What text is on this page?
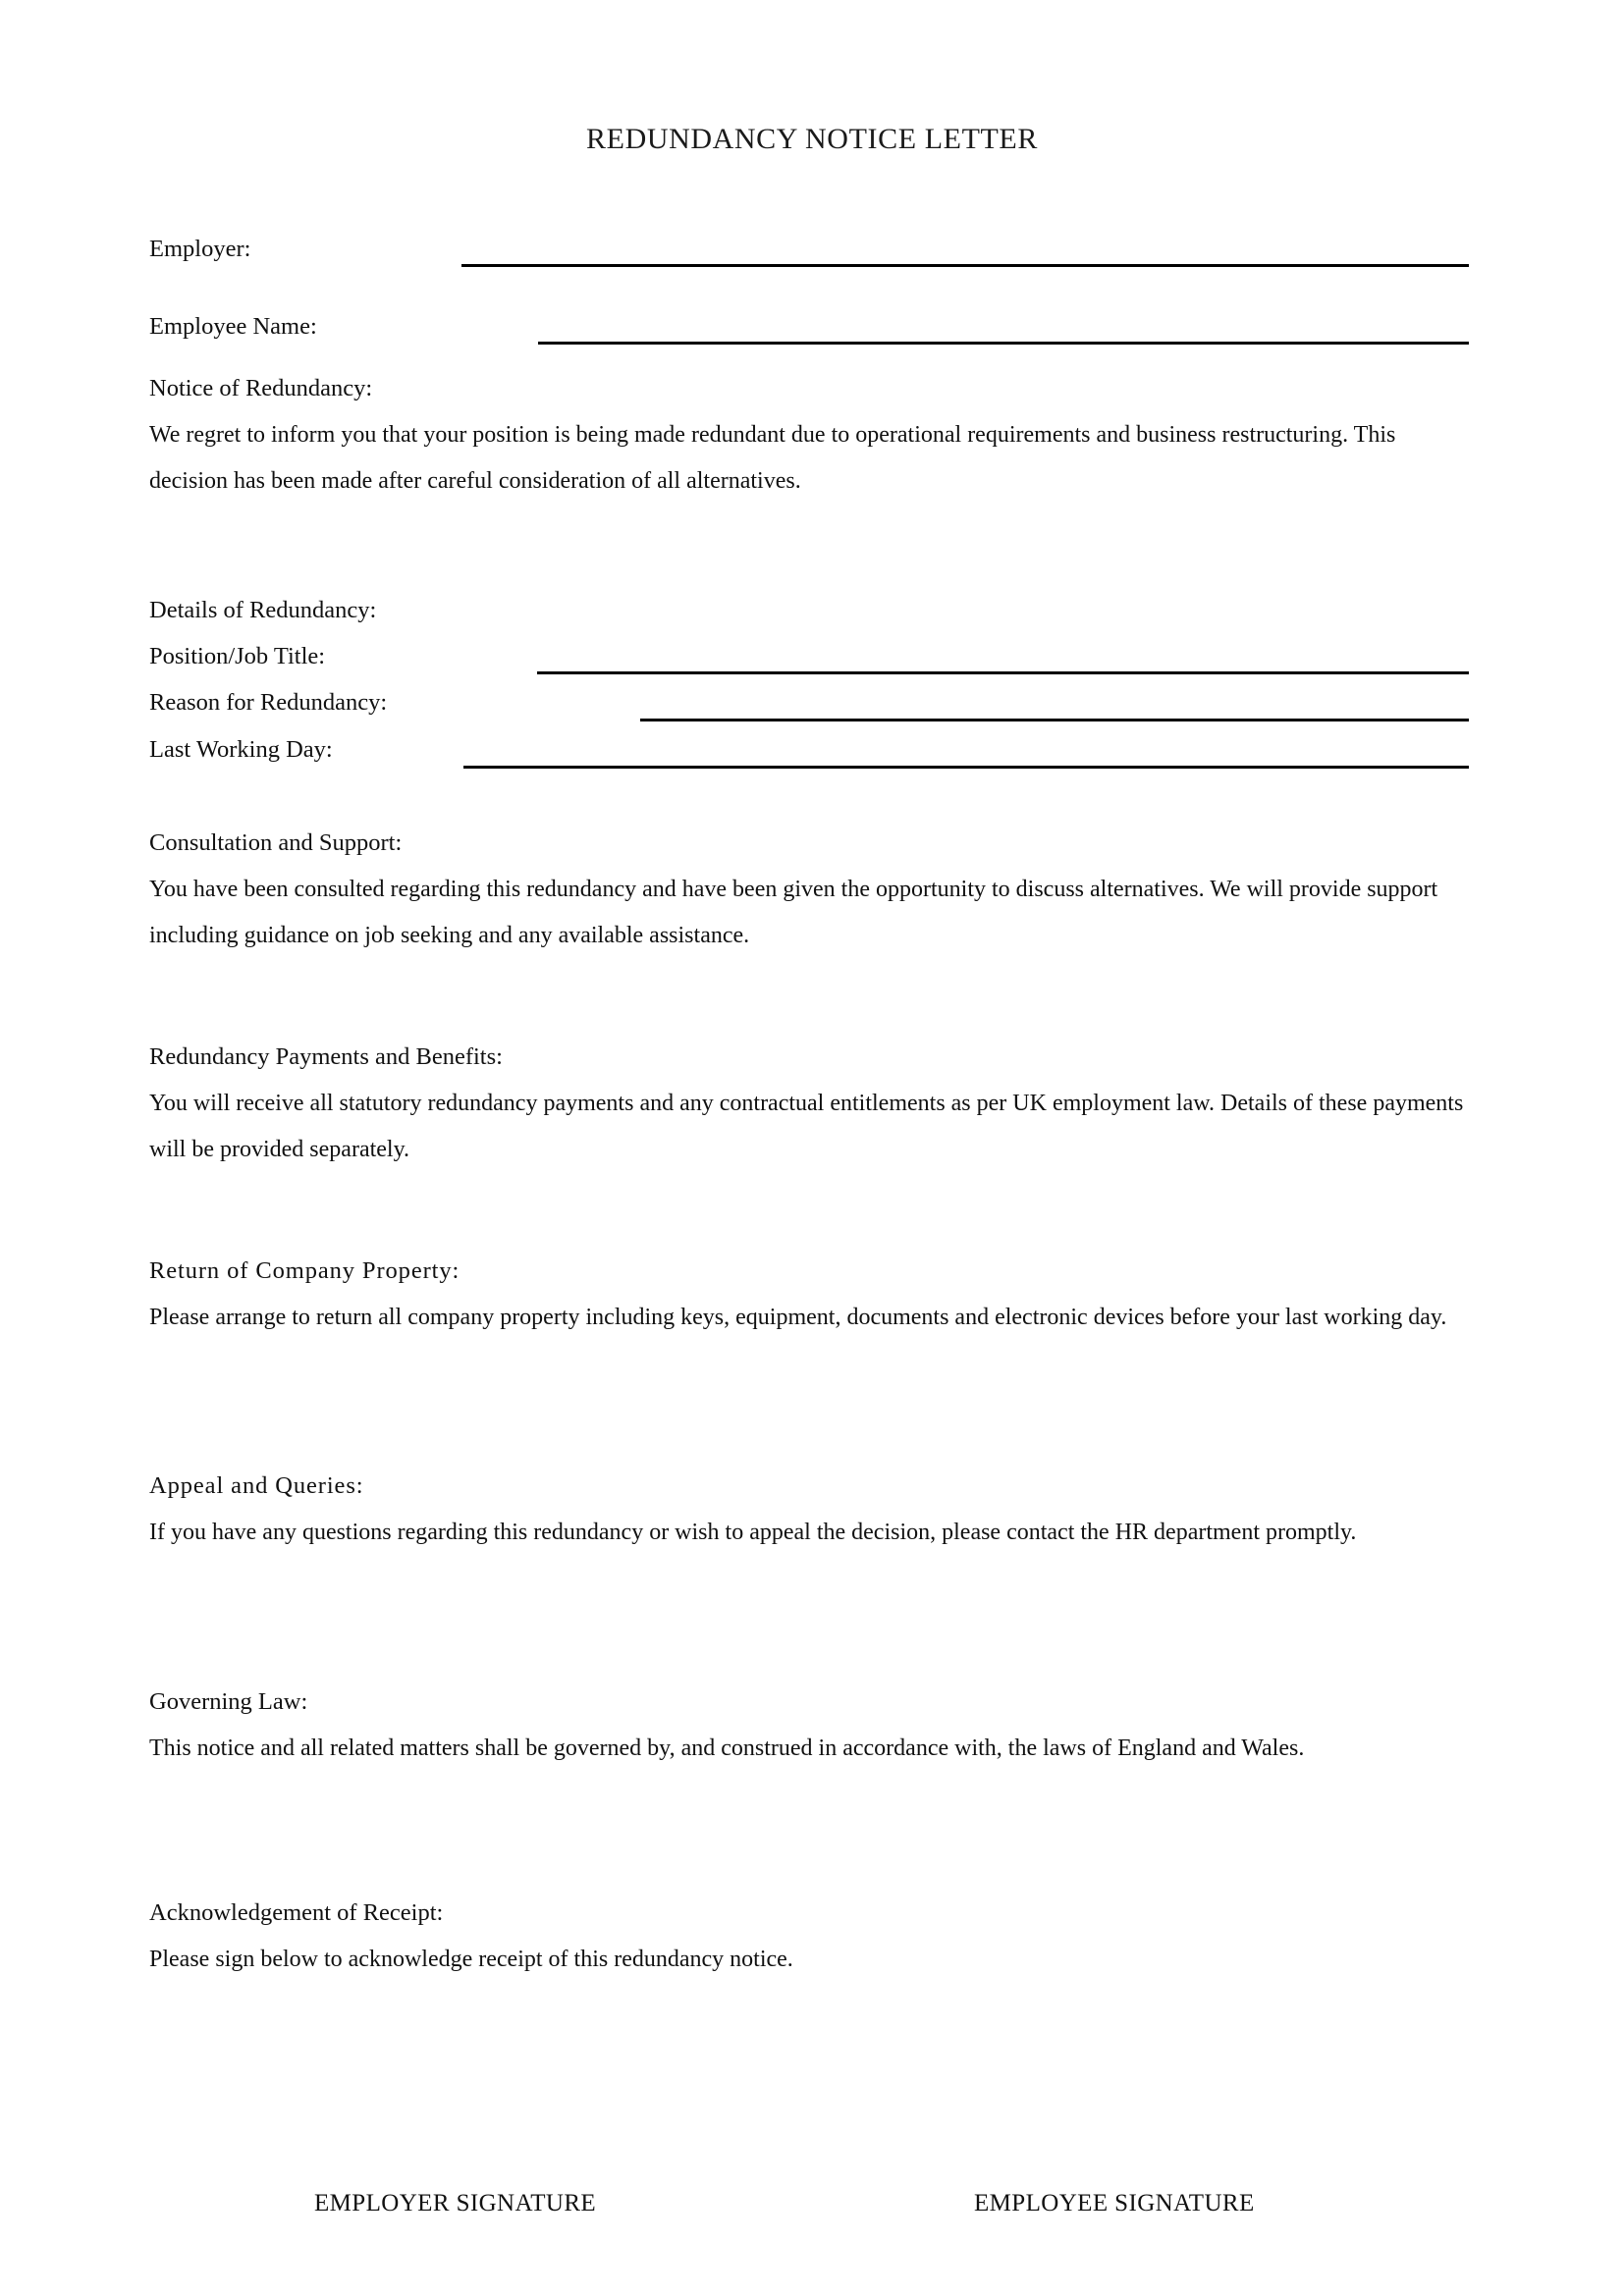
REDUNDANCY NOTICE LETTER
Employer:
Employee Name:
Notice of Redundancy:
We regret to inform you that your position is being made redundant due to operational requirements and business restructuring. This decision has been made after careful consideration of all alternatives.
Details of Redundancy:
Position/Job Title:
Reason for Redundancy:
Last Working Day:
Consultation and Support:
You have been consulted regarding this redundancy and have been given the opportunity to discuss alternatives. We will provide support including guidance on job seeking and any available assistance.
Redundancy Payments and Benefits:
You will receive all statutory redundancy payments and any contractual entitlements as per UK employment law. Details of these payments will be provided separately.
Return of Company Property:
Please arrange to return all company property including keys, equipment, documents and electronic devices before your last working day.
Appeal and Queries:
If you have any questions regarding this redundancy or wish to appeal the decision, please contact the HR department promptly.
Governing Law:
This notice and all related matters shall be governed by, and construed in accordance with, the laws of England and Wales.
Acknowledgement of Receipt:
Please sign below to acknowledge receipt of this redundancy notice.
EMPLOYER SIGNATURE	EMPLOYEE SIGNATURE
